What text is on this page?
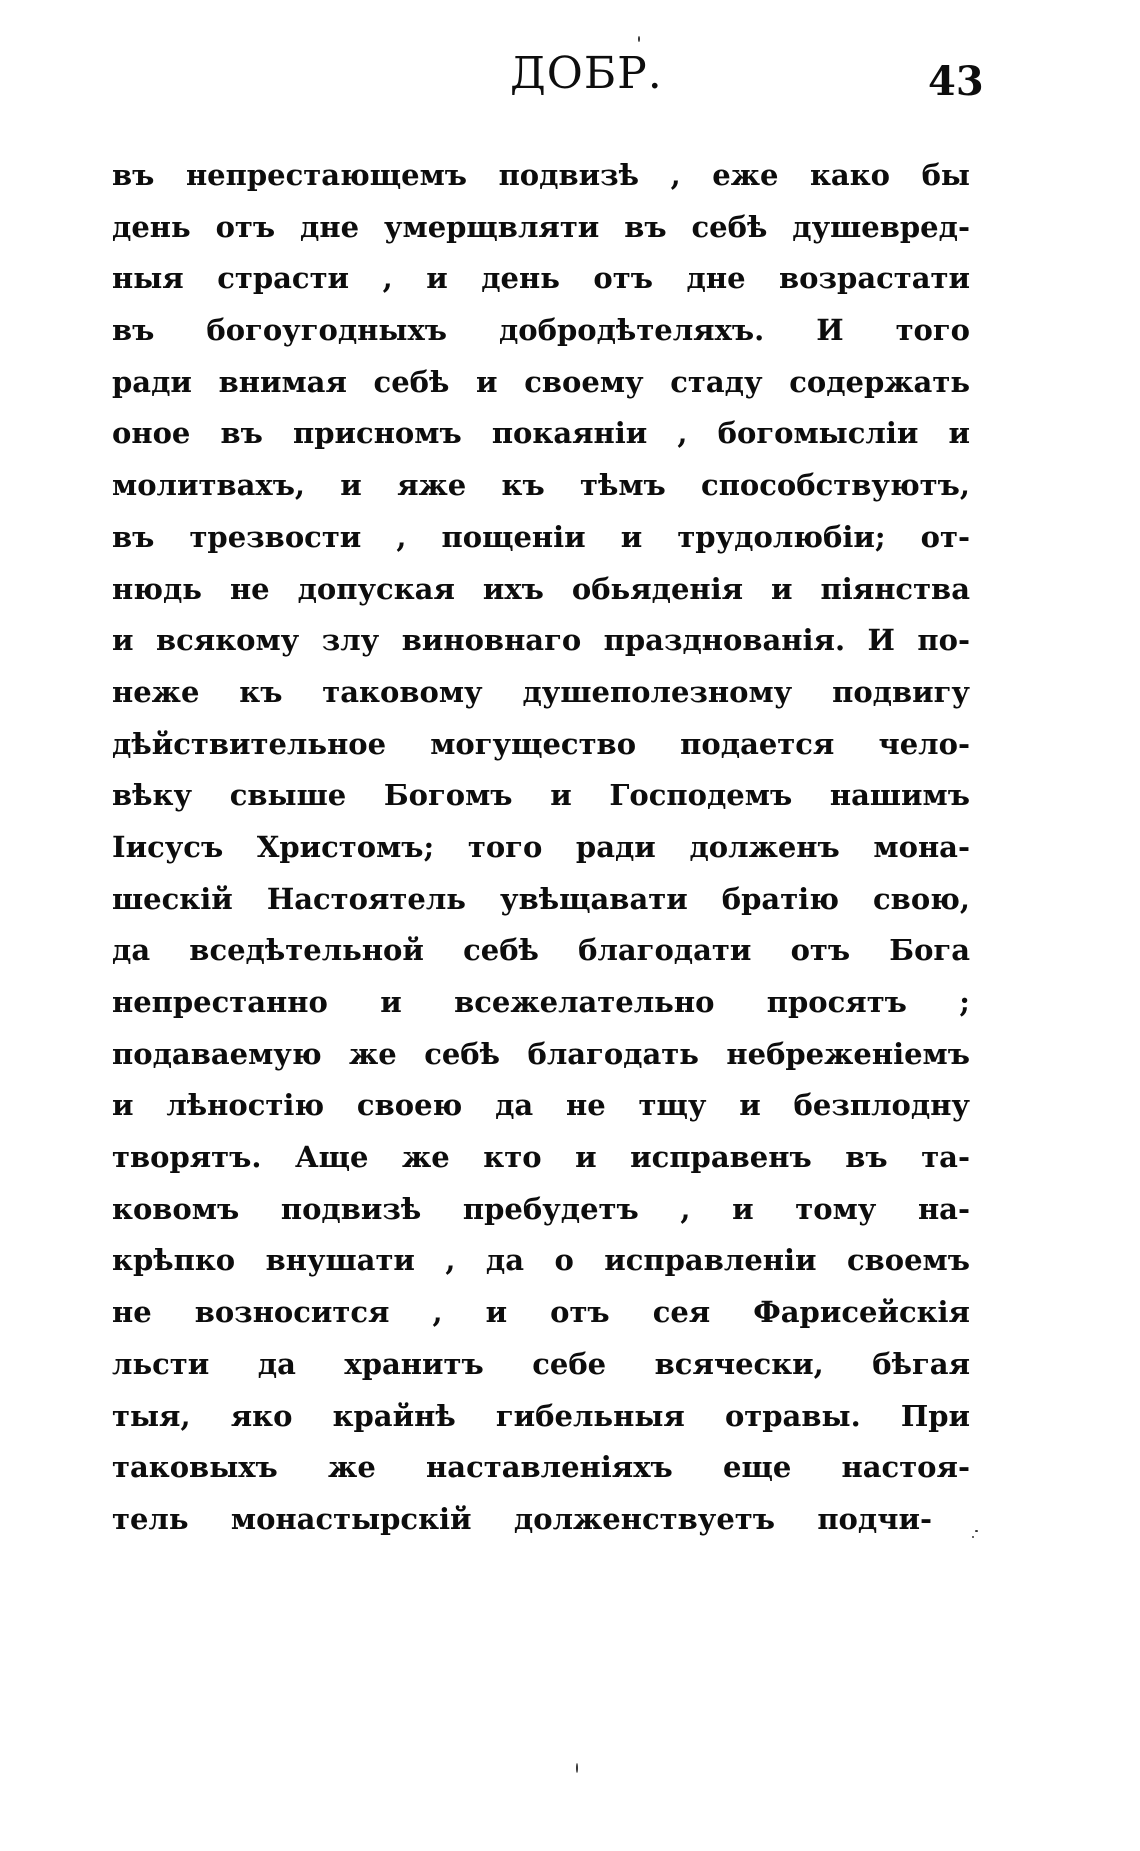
ДОБР.	43
въ непрестающемъ подвизѣ , еже како бы
день отъ дне умерщвляти въ себѣ душевред-
ныя страсти , и день отъ дне возрастати
въ богоугодныхъ добродѣтеляхъ. И того
ради внимая себѣ и своему стаду содержать
оное въ присномъ покаянiи , богомыслiи и
молитвахъ, и яже къ тѣмъ способствуютъ,
въ трезвости , пощенiи и трудолюбiи; от-
нюдь не допуская ихъ обьяденiя и пiянства
и всякому злу виновнаго празднованiя. И по-
неже къ таковому душеполезному подвигу
дѣйствительное могущество подается чело-
вѣку свыше Богомъ и Господемъ нашимъ
Iисусъ Христомъ; того ради долженъ мона-
шескiй Настоятель увѣщавати братiю свою,
да вседѣтельной себѣ благодати отъ Бога
непрестанно и всежелательно просятъ ;
подаваемую же себѣ благодать небреженiемъ
и лѣностiю своею да не тщу и безплодну
творятъ. Аще же кто и исправенъ въ та-
ковомъ подвизѣ пребудетъ , и тому на-
крѣпко внушати , да о исправленiи своемъ
не возносится , и отъ сея Фарисейскiя
льсти да хранитъ себе всячески, бѣгая
тыя, яко крайнѣ гибельныя отравы. При
таковыхъ же наставленiяхъ еще настоя-
тель монастырскiй долженствуетъ подчи-
